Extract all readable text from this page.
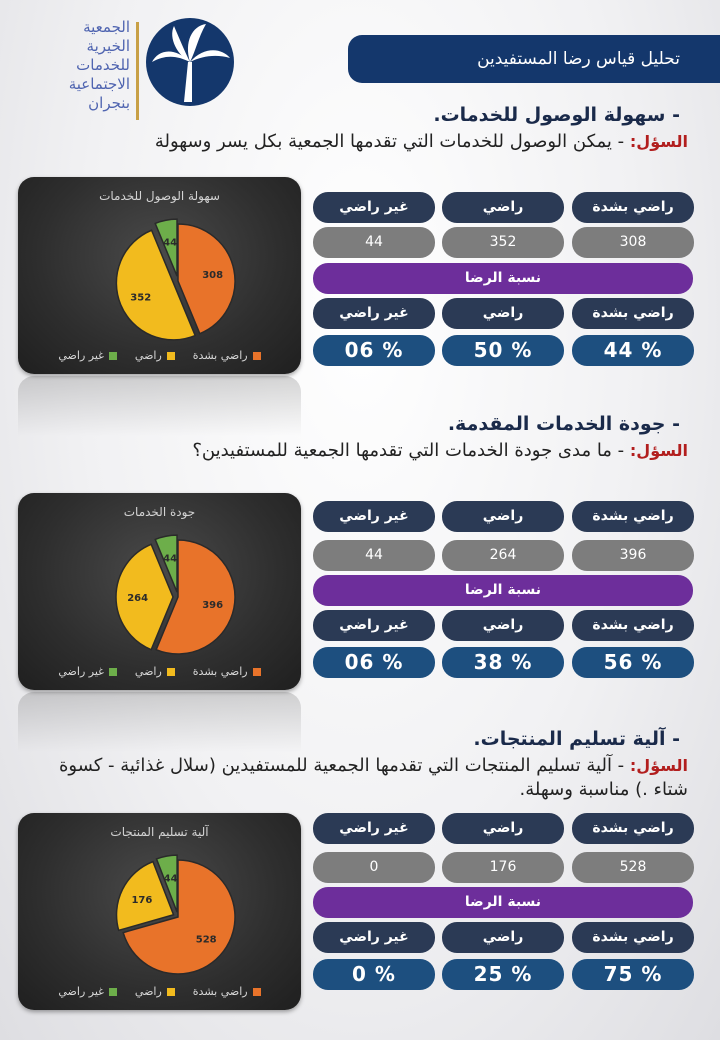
الجمعية
الخيرية
للخدمات
الاجتماعية
بنجران
تحليل قياس رضا المستفيدين
- سهولة الوصول للخدمات.
السؤل: - يمكن الوصول للخدمات التي تقدمها الجمعية بكل يسر وسهولة
- جودة الخدمات المقدمة.
السؤل: - ما مدى جودة الخدمات التي تقدمها الجمعية للمستفيدين؟
- آلية تسليم المنتجات.
السؤل: - آلية تسليم المنتجات التي تقدمها الجمعية للمستفيدين (سلال غذائية - كسوة شتاء .) مناسبة وسهلة.
سهولة الوصول للخدمات
308
352
44
غير راضي	راضي	راضي بشدة
جودة الخدمات
396
264
44
غير راضي	راضي	راضي بشدة
آلية تسليم المنتجات
528
176
44
غير راضي	راضي	راضي بشدة
غير راضي	راضي	راضي بشدة
44	352	308
نسبة الرضا
غير راضي	راضي	راضي بشدة
% 06	% 50	% 44
غير راضي	راضي	راضي بشدة
44	264	396
نسبة الرضا
غير راضي	راضي	راضي بشدة
% 06	% 38	% 56
غير راضي	راضي	راضي بشدة
0	176	528
نسبة الرضا
غير راضي	راضي	راضي بشدة
% 0	% 25	% 75
